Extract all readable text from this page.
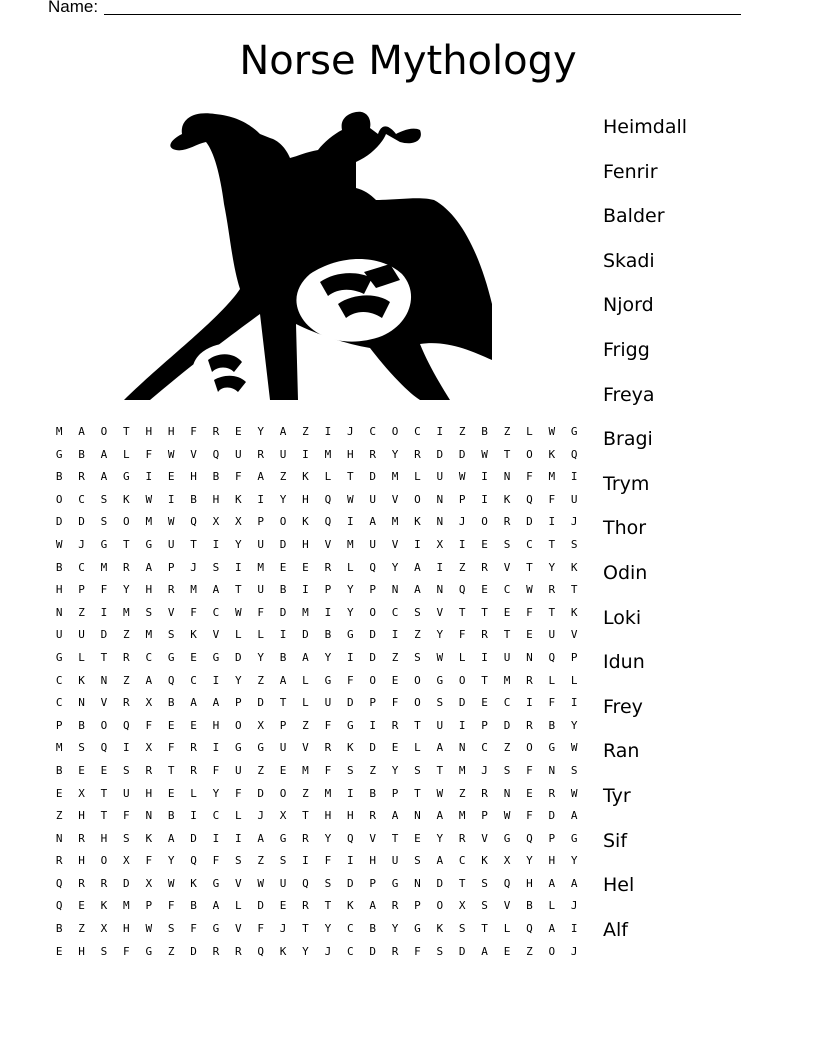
Name:
Norse Mythology
M	A	O	T	H	H	F	R	E	Y	A	Z	I	J	C	O	C	I	Z	B	Z	L	W	G
G	B	A	L	F	W	V	Q	U	R	U	I	M	H	R	Y	R	D	D	W	T	O	K	Q
B	R	A	G	I	E	H	B	F	A	Z	K	L	T	D	M	L	U	W	I	N	F	M	I
O	C	S	K	W	I	B	H	K	I	Y	H	Q	W	U	V	O	N	P	I	K	Q	F	U
D	D	S	O	M	W	Q	X	X	P	O	K	Q	I	A	M	K	N	J	O	R	D	I	J
W	J	G	T	G	U	T	I	Y	U	D	H	V	M	U	V	I	X	I	E	S	C	T	S
B	C	M	R	A	P	J	S	I	M	E	E	R	L	Q	Y	A	I	Z	R	V	T	Y	K
H	P	F	Y	H	R	M	A	T	U	B	I	P	Y	P	N	A	N	Q	E	C	W	R	T
N	Z	I	M	S	V	F	C	W	F	D	M	I	Y	O	C	S	V	T	T	E	F	T	K
U	U	D	Z	M	S	K	V	L	L	I	D	B	G	D	I	Z	Y	F	R	T	E	U	V
G	L	T	R	C	G	E	G	D	Y	B	A	Y	I	D	Z	S	W	L	I	U	N	Q	P
C	K	N	Z	A	Q	C	I	Y	Z	A	L	G	F	O	E	O	G	O	T	M	R	L	L
C	N	V	R	X	B	A	A	P	D	T	L	U	D	P	F	O	S	D	E	C	I	F	I
P	B	O	Q	F	E	E	H	O	X	P	Z	F	G	I	R	T	U	I	P	D	R	B	Y
M	S	Q	I	X	F	R	I	G	G	U	V	R	K	D	E	L	A	N	C	Z	O	G	W
B	E	E	S	R	T	R	F	U	Z	E	M	F	S	Z	Y	S	T	M	J	S	F	N	S
E	X	T	U	H	E	L	Y	F	D	O	Z	M	I	B	P	T	W	Z	R	N	E	R	W
Z	H	T	F	N	B	I	C	L	J	X	T	H	H	R	A	N	A	M	P	W	F	D	A
N	R	H	S	K	A	D	I	I	A	G	R	Y	Q	V	T	E	Y	R	V	G	Q	P	G
R	H	O	X	F	Y	Q	F	S	Z	S	I	F	I	H	U	S	A	C	K	X	Y	H	Y
Q	R	R	D	X	W	K	G	V	W	U	Q	S	D	P	G	N	D	T	S	Q	H	A	A
Q	E	K	M	P	F	B	A	L	D	E	R	T	K	A	R	P	O	X	S	V	B	L	J
B	Z	X	H	W	S	F	G	V	F	J	T	Y	C	B	Y	G	K	S	T	L	Q	A	I
E	H	S	F	G	Z	D	R	R	Q	K	Y	J	C	D	R	F	S	D	A	E	Z	O	J
Heimdall
Fenrir
Balder
Skadi
Njord
Frigg
Freya
Bragi
Trym
Thor
Odin
Loki
Idun
Frey
Ran
Tyr
Sif
Hel
Alf
